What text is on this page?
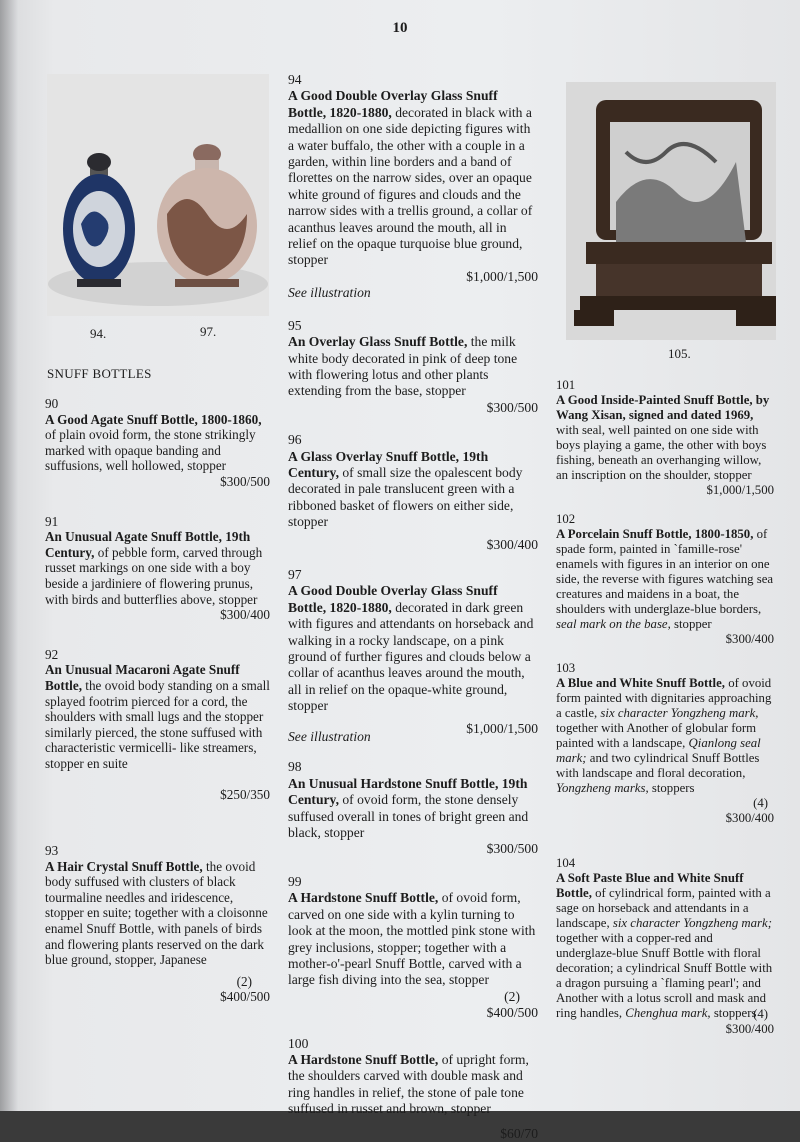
10
94.	97.
105.
SNUFF BOTTLES
90
A Good Agate Snuff Bottle, 1800-1860, of plain ovoid form, the stone strikingly marked with opaque banding and suffusions, well hollowed, stopper
$300/500
91
An Unusual Agate Snuff Bottle, 19th Century, of pebble form, carved through russet markings on one side with a boy beside a jardiniere of flowering prunus, with birds and butterflies above, stopper
$300/400
92
An Unusual Macaroni Agate Snuff Bottle, the ovoid body standing on a small splayed footrim pierced for a cord, the shoulders with small lugs and the stopper similarly pierced, the stone suffused with characteristic vermicelli- like streamers, stopper en suite
$250/350
93
A Hair Crystal Snuff Bottle, the ovoid body suffused with clusters of black tourmaline needles and iridescence, stopper en suite; together with a cloisonne enamel Snuff Bottle, with panels of birds and flowering plants reserved on the dark blue ground, stopper, Japanese
(2)
$400/500
94
A Good Double Overlay Glass Snuff Bottle, 1820-1880, decorated in black with a medallion on one side depicting figures with a water buffalo, the other with a couple in a garden, within line borders and a band of florettes on the narrow sides, over an opaque white ground of figures and clouds and the narrow sides with a trellis ground, a collar of acanthus leaves around the mouth, all in relief on the opaque turquoise blue ground, stopper
$1,000/1,500
See illustration
95
An Overlay Glass Snuff Bottle, the milk white body decorated in pink of deep tone with flowering lotus and other plants extending from the base, stopper
$300/500
96
A Glass Overlay Snuff Bottle, 19th Century, of small size the opalescent body decorated in pale translucent green with a ribboned basket of flowers on either side, stopper
$300/400
97
A Good Double Overlay Glass Snuff Bottle, 1820-1880, decorated in dark green with figures and attendants on horseback and walking in a rocky landscape, on a pink ground of further figures and clouds below a collar of acanthus leaves around the mouth, all in relief on the opaque-white ground, stopper
$1,000/1,500
See illustration
98
An Unusual Hardstone Snuff Bottle, 19th Century, of ovoid form, the stone densely suffused overall in tones of bright green and black, stopper
$300/500
99
A Hardstone Snuff Bottle, of ovoid form, carved on one side with a kylin turning to look at the moon, the mottled pink stone with grey inclusions, stopper; together with a mother-o'-pearl Snuff Bottle, carved with a large fish diving into the sea, stopper
(2)
$400/500
100
A Hardstone Snuff Bottle, of upright form, the shoulders carved with double mask and ring handles in relief, the stone of pale tone suffused in russet and brown, stopper
$60/70
101
A Good Inside-Painted Snuff Bottle, by Wang Xisan, signed and dated 1969, with seal, well painted on one side with boys playing a game, the other with boys fishing, beneath an overhanging willow, an inscription on the shoulder, stopper
$1,000/1,500
102
A Porcelain Snuff Bottle, 1800-1850, of spade form, painted in `famille-rose' enamels with figures in an interior on one side, the reverse with figures watching sea creatures and maidens in a boat, the shoulders with underglaze-blue borders, seal mark on the base, stopper
$300/400
103
A Blue and White Snuff Bottle, of ovoid form painted with dignitaries approaching a castle, six character Yongzheng mark, together with Another of globular form painted with a landscape, Qianlong seal mark; and two cylindrical Snuff Bottles with landscape and floral decoration, Yongzheng marks, stoppers
(4)
$300/400
104
A Soft Paste Blue and White Snuff Bottle, of cylindrical form, painted with a sage on horseback and attendants in a landscape, six character Yongzheng mark; together with a copper-red and underglaze-blue Snuff Bottle with floral decoration; a cylindrical Snuff Bottle with a dragon pursuing a `flaming pearl'; and Another with a lotus scroll and mask and ring handles, Chenghua mark, stoppers
(4)
$300/400
